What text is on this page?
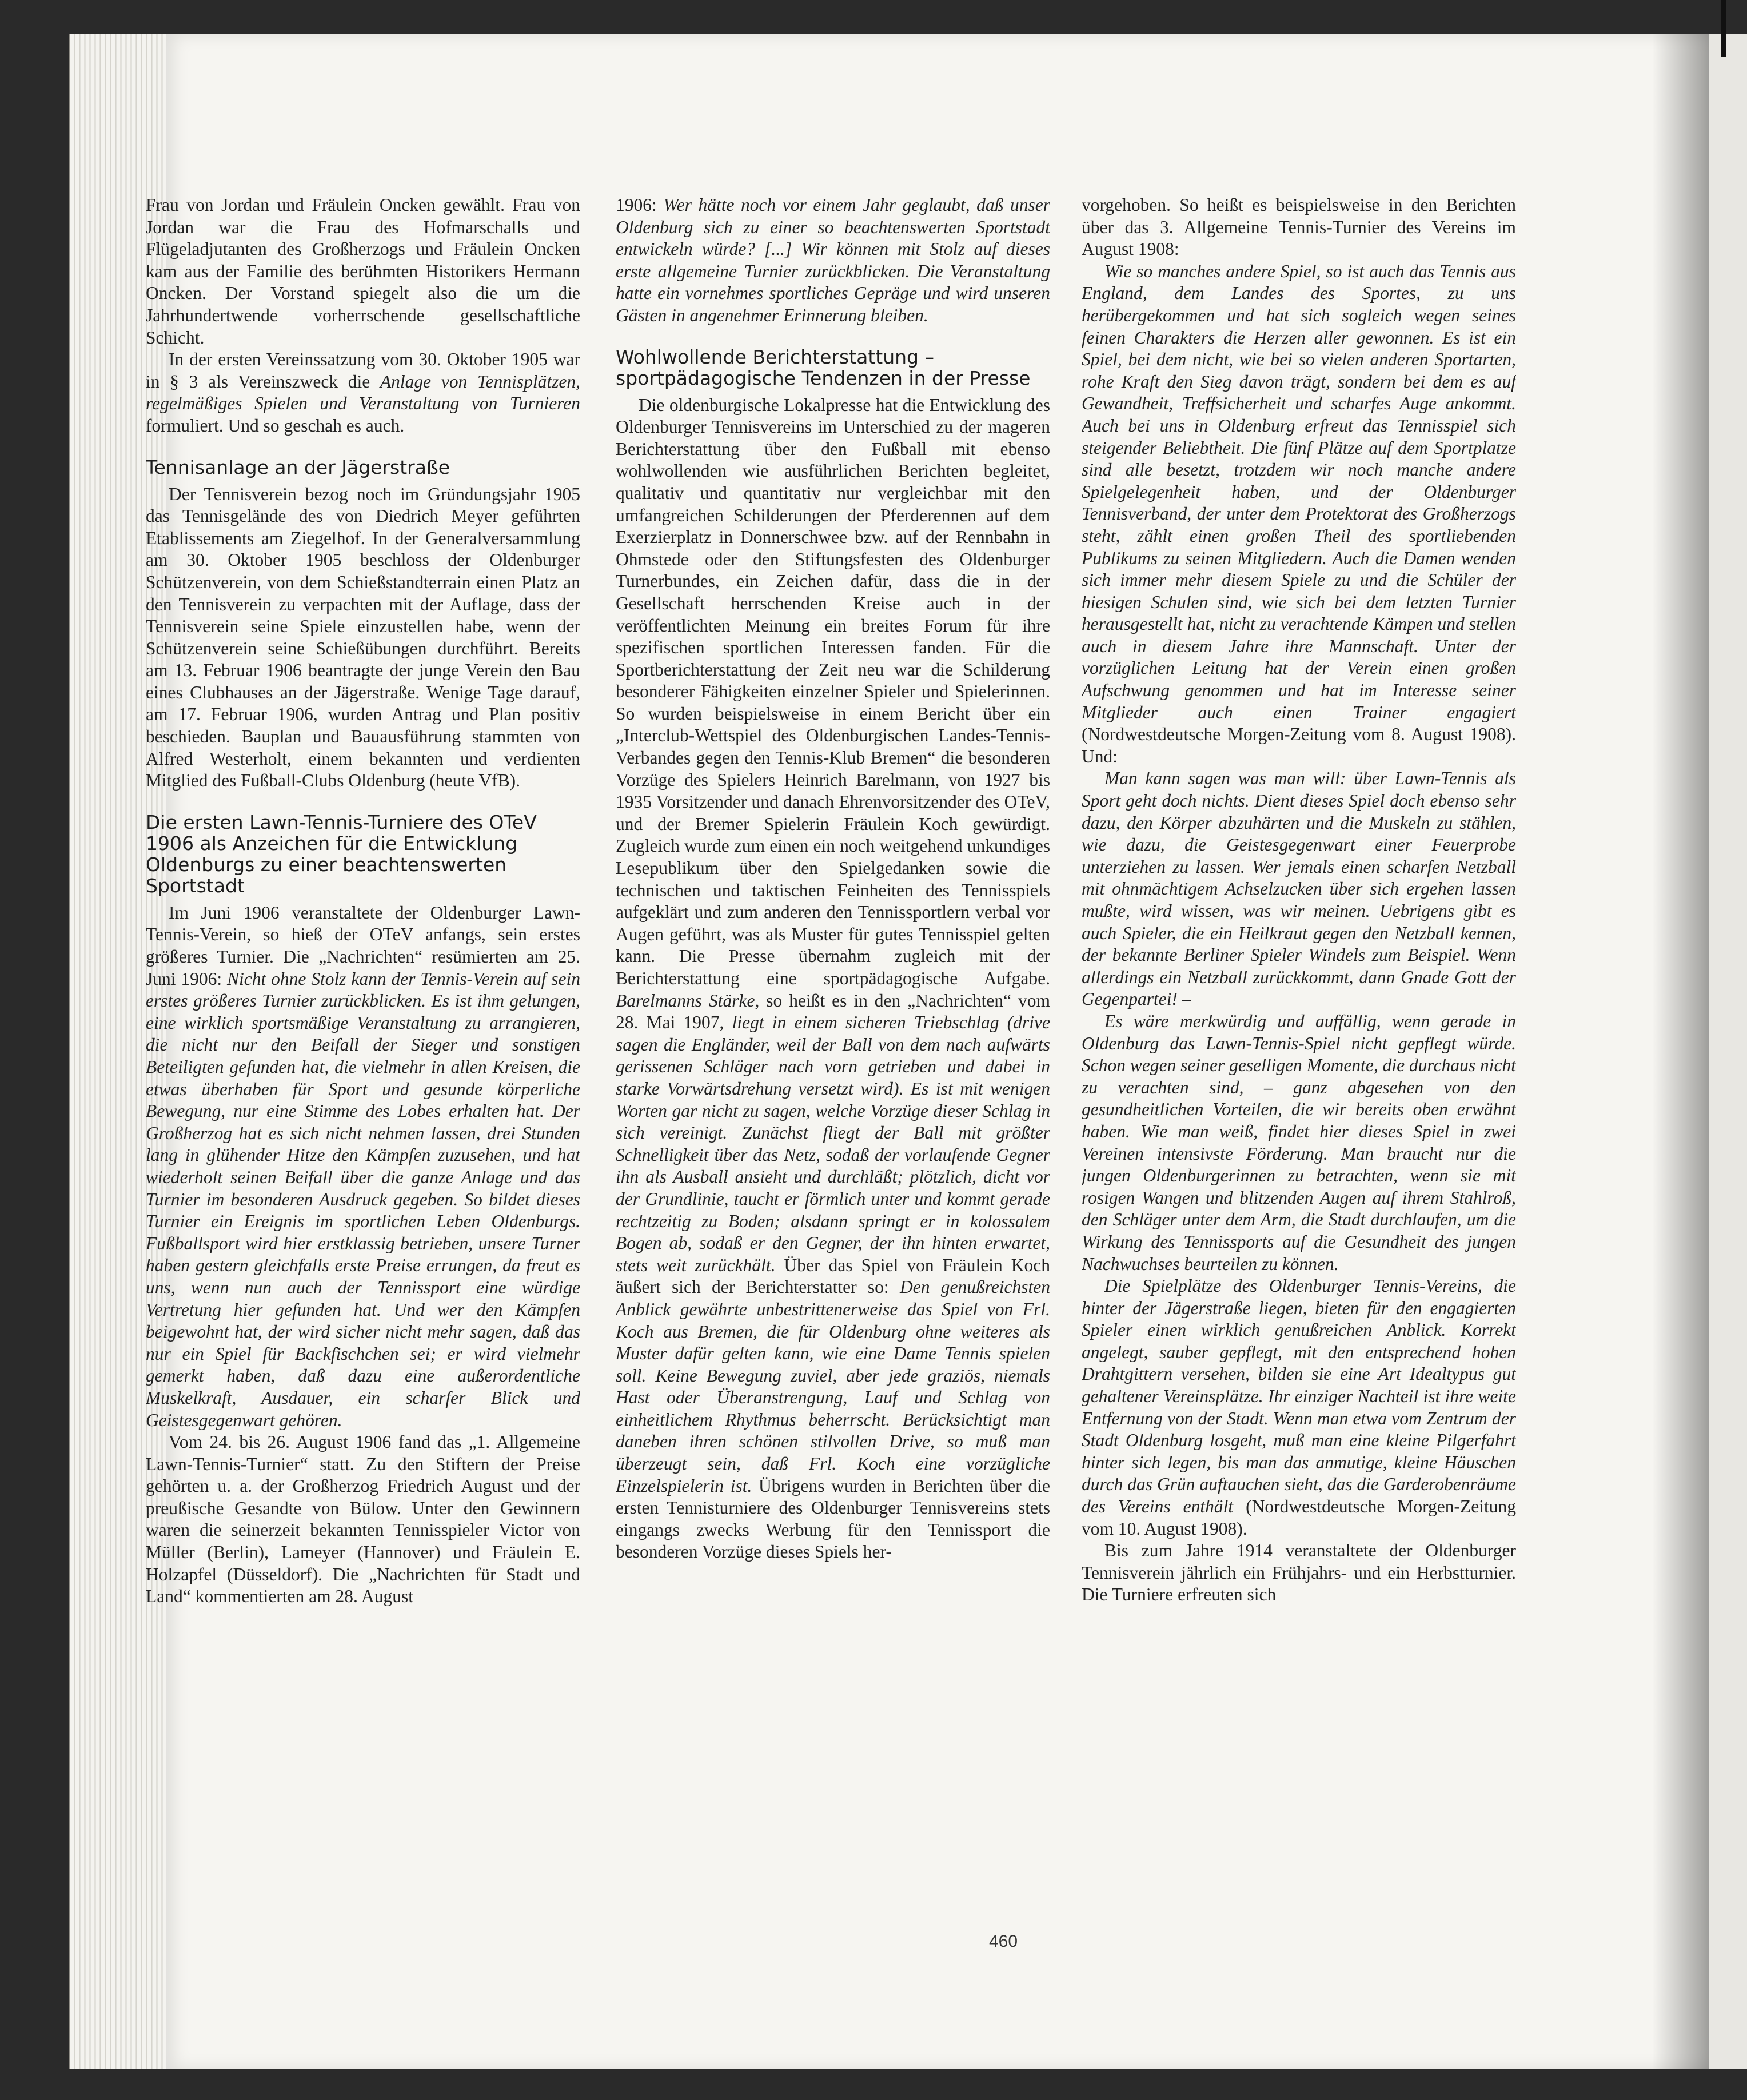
Frau von Jordan und Fräulein Oncken gewählt. Frau von Jordan war die Frau des Hofmarschalls und Flügeladjutanten des Großherzogs und Fräulein Oncken kam aus der Familie des berühmten Historikers Hermann Oncken. Der Vorstand spiegelt also die um die Jahrhundertwende vorherrschende gesellschaftliche Schicht.

In der ersten Vereinssatzung vom 30. Oktober 1905 war in § 3 als Vereinszweck die Anlage von Tennisplätzen, regelmäßiges Spielen und Veranstaltung von Turnieren formuliert. Und so geschah es auch.

Tennisanlage an der Jägerstraße

Der Tennisverein bezog noch im Gründungsjahr 1905 das Tennisgelände des von Diedrich Meyer geführten Etablissements am Ziegelhof. In der Generalversammlung am 30. Oktober 1905 beschloss der Oldenburger Schützenverein, von dem Schießstandterrain einen Platz an den Tennisverein zu verpachten mit der Auflage, dass der Tennisverein seine Spiele einzustellen habe, wenn der Schützenverein seine Schießübungen durchführt. Bereits am 13. Februar 1906 beantragte der junge Verein den Bau eines Clubhauses an der Jägerstraße. Wenige Tage darauf, am 17. Februar 1906, wurden Antrag und Plan positiv beschieden. Bauplan und Bauausführung stammten von Alfred Westerholt, einem bekannten und verdienten Mitglied des Fußball-Clubs Oldenburg (heute VfB).

Die ersten Lawn-Tennis-Turniere des OTeV 1906 als Anzeichen für die Entwicklung Oldenburgs zu einer beachtenswerten Sportstadt

Im Juni 1906 veranstaltete der Oldenburger Lawn-Tennis-Verein, so hieß der OTeV anfangs, sein erstes größeres Turnier. Die „Nachrichten“ resümierten am 25. Juni 1906: Nicht ohne Stolz kann der Tennis-Verein auf sein erstes größeres Turnier zurückblicken. Es ist ihm gelungen, eine wirklich sportsmäßige Veranstaltung zu arrangieren, die nicht nur den Beifall der Sieger und sonstigen Beteiligten gefunden hat, die vielmehr in allen Kreisen, die etwas überhaben für Sport und gesunde körperliche Bewegung, nur eine Stimme des Lobes erhalten hat. Der Großherzog hat es sich nicht nehmen lassen, drei Stunden lang in glühender Hitze den Kämpfen zuzusehen, und hat wiederholt seinen Beifall über die ganze Anlage und das Turnier im besonderen Ausdruck gegeben. So bildet dieses Turnier ein Ereignis im sportlichen Leben Oldenburgs. Fußballsport wird hier erstklassig betrieben, unsere Turner haben gestern gleichfalls erste Preise errungen, da freut es uns, wenn nun auch der Tennissport eine würdige Vertretung hier gefunden hat. Und wer den Kämpfen beigewohnt hat, der wird sicher nicht mehr sagen, daß das nur ein Spiel für Backfischchen sei; er wird vielmehr gemerkt haben, daß dazu eine außerordentliche Muskelkraft, Ausdauer, ein scharfer Blick und Geistesgegenwart gehören.

Vom 24. bis 26. August 1906 fand das „1. Allgemeine Lawn-Tennis-Turnier“ statt. Zu den Stiftern der Preise gehörten u. a. der Großherzog Friedrich August und der preußische Gesandte von Bülow. Unter den Gewinnern waren die seinerzeit bekannten Tennisspieler Victor von Müller (Berlin), Lameyer (Hannover) und Fräulein E. Holzapfel (Düsseldorf). Die „Nachrichten für Stadt und Land“ kommentierten am 28. August

1906: Wer hätte noch vor einem Jahr geglaubt, daß unser Oldenburg sich zu einer so beachtenswerten Sportstadt entwickeln würde? [...] Wir können mit Stolz auf dieses erste allgemeine Turnier zurückblicken. Die Veranstaltung hatte ein vornehmes sportliches Gepräge und wird unseren Gästen in angenehmer Erinnerung bleiben.

Wohlwollende Berichterstattung – sportpädagogische Tendenzen in der Presse

Die oldenburgische Lokalpresse hat die Entwicklung des Oldenburger Tennisvereins im Unterschied zu der mageren Berichterstattung über den Fußball mit ebenso wohlwollenden wie ausführlichen Berichten begleitet, qualitativ und quantitativ nur vergleichbar mit den umfangreichen Schilderungen der Pferderennen auf dem Exerzierplatz in Donnerschwee bzw. auf der Rennbahn in Ohmstede oder den Stiftungsfesten des Oldenburger Turnerbundes, ein Zeichen dafür, dass die in der Gesellschaft herrschenden Kreise auch in der veröffentlichten Meinung ein breites Forum für ihre spezifischen sportlichen Interessen fanden. Für die Sportberichterstattung der Zeit neu war die Schilderung besonderer Fähigkeiten einzelner Spieler und Spielerinnen. So wurden beispielsweise in einem Bericht über ein „Interclub-Wettspiel des Oldenburgischen Landes-Tennis-Verbandes gegen den Tennis-Klub Bremen“ die besonderen Vorzüge des Spielers Heinrich Barelmann, von 1927 bis 1935 Vorsitzender und danach Ehrenvorsitzender des OTeV, und der Bremer Spielerin Fräulein Koch gewürdigt. Zugleich wurde zum einen ein noch weitgehend unkundiges Lesepublikum über den Spielgedanken sowie die technischen und taktischen Feinheiten des Tennisspiels aufgeklärt und zum anderen den Tennissportlern verbal vor Augen geführt, was als Muster für gutes Tennisspiel gelten kann. Die Presse übernahm zugleich mit der Berichterstattung eine sportpädagogische Aufgabe. Barelmanns Stärke, so heißt es in den „Nachrichten“ vom 28. Mai 1907, liegt in einem sicheren Triebschlag (drive sagen die Engländer, weil der Ball von dem nach aufwärts gerissenen Schläger nach vorn getrieben und dabei in starke Vorwärtsdrehung versetzt wird). Es ist mit wenigen Worten gar nicht zu sagen, welche Vorzüge dieser Schlag in sich vereinigt. Zunächst fliegt der Ball mit größter Schnelligkeit über das Netz, sodaß der vorlaufende Gegner ihn als Ausball ansieht und durchläßt; plötzlich, dicht vor der Grundlinie, taucht er förmlich unter und kommt gerade rechtzeitig zu Boden; alsdann springt er in kolossalem Bogen ab, sodaß er den Gegner, der ihn hinten erwartet, stets weit zurückhält. Über das Spiel von Fräulein Koch äußert sich der Berichterstatter so: Den genußreichsten Anblick gewährte unbestrittenerweise das Spiel von Frl. Koch aus Bremen, die für Oldenburg ohne weiteres als Muster dafür gelten kann, wie eine Dame Tennis spielen soll. Keine Bewegung zuviel, aber jede graziös, niemals Hast oder Überanstrengung, Lauf und Schlag von einheitlichem Rhythmus beherrscht. Berücksichtigt man daneben ihren schönen stilvollen Drive, so muß man überzeugt sein, daß Frl. Koch eine vorzügliche Einzelspielerin ist. Übrigens wurden in Berichten über die ersten Tennisturniere des Oldenburger Tennisvereins stets eingangs zwecks Werbung für den Tennissport die besonderen Vorzüge dieses Spiels her-

vorgehoben. So heißt es beispielsweise in den Berichten über das 3. Allgemeine Tennis-Turnier des Vereins im August 1908:

Wie so manches andere Spiel, so ist auch das Tennis aus England, dem Landes des Sportes, zu uns herübergekommen und hat sich sogleich wegen seines feinen Charakters die Herzen aller gewonnen. Es ist ein Spiel, bei dem nicht, wie bei so vielen anderen Sportarten, rohe Kraft den Sieg davon trägt, sondern bei dem es auf Gewandheit, Treffsicherheit und scharfes Auge ankommt. Auch bei uns in Oldenburg erfreut das Tennisspiel sich steigender Beliebtheit. Die fünf Plätze auf dem Sportplatze sind alle besetzt, trotzdem wir noch manche andere Spielgelegenheit haben, und der Oldenburger Tennisverband, der unter dem Protektorat des Großherzogs steht, zählt einen großen Theil des sportliebenden Publikums zu seinen Mitgliedern. Auch die Damen wenden sich immer mehr diesem Spiele zu und die Schüler der hiesigen Schulen sind, wie sich bei dem letzten Turnier herausgestellt hat, nicht zu verachtende Kämpen und stellen auch in diesem Jahre ihre Mannschaft. Unter der vorzüglichen Leitung hat der Verein einen großen Aufschwung genommen und hat im Interesse seiner Mitglieder auch einen Trainer engagiert (Nordwestdeutsche Morgen-Zeitung vom 8. August 1908). Und:

Man kann sagen was man will: über Lawn-Tennis als Sport geht doch nichts. Dient dieses Spiel doch ebenso sehr dazu, den Körper abzuhärten und die Muskeln zu stählen, wie dazu, die Geistesgegenwart einer Feuerprobe unterziehen zu lassen. Wer jemals einen scharfen Netzball mit ohnmächtigem Achselzucken über sich ergehen lassen mußte, wird wissen, was wir meinen. Uebrigens gibt es auch Spieler, die ein Heilkraut gegen den Netzball kennen, der bekannte Berliner Spieler Windels zum Beispiel. Wenn allerdings ein Netzball zurückkommt, dann Gnade Gott der Gegenpartei! –

Es wäre merkwürdig und auffällig, wenn gerade in Oldenburg das Lawn-Tennis-Spiel nicht gepflegt würde. Schon wegen seiner geselligen Momente, die durchaus nicht zu verachten sind, – ganz abgesehen von den gesundheitlichen Vorteilen, die wir bereits oben erwähnt haben. Wie man weiß, findet hier dieses Spiel in zwei Vereinen intensivste Förderung. Man braucht nur die jungen Oldenburgerinnen zu betrachten, wenn sie mit rosigen Wangen und blitzenden Augen auf ihrem Stahlroß, den Schläger unter dem Arm, die Stadt durchlaufen, um die Wirkung des Tennissports auf die Gesundheit des jungen Nachwuchses beurteilen zu können.

Die Spielplätze des Oldenburger Tennis-Vereins, die hinter der Jägerstraße liegen, bieten für den engagierten Spieler einen wirklich genußreichen Anblick. Korrekt angelegt, sauber gepflegt, mit den entsprechend hohen Drahtgittern versehen, bilden sie eine Art Idealtypus gut gehaltener Vereinsplätze. Ihr einziger Nachteil ist ihre weite Entfernung von der Stadt. Wenn man etwa vom Zentrum der Stadt Oldenburg losgeht, muß man eine kleine Pilgerfahrt hinter sich legen, bis man das anmutige, kleine Häuschen durch das Grün auftauchen sieht, das die Garderobenräume des Vereins enthält (Nordwestdeutsche Morgen-Zeitung vom 10. August 1908).

Bis zum Jahre 1914 veranstaltete der Oldenburger Tennisverein jährlich ein Frühjahrs- und ein Herbstturnier. Die Turniere erfreuten sich

460
